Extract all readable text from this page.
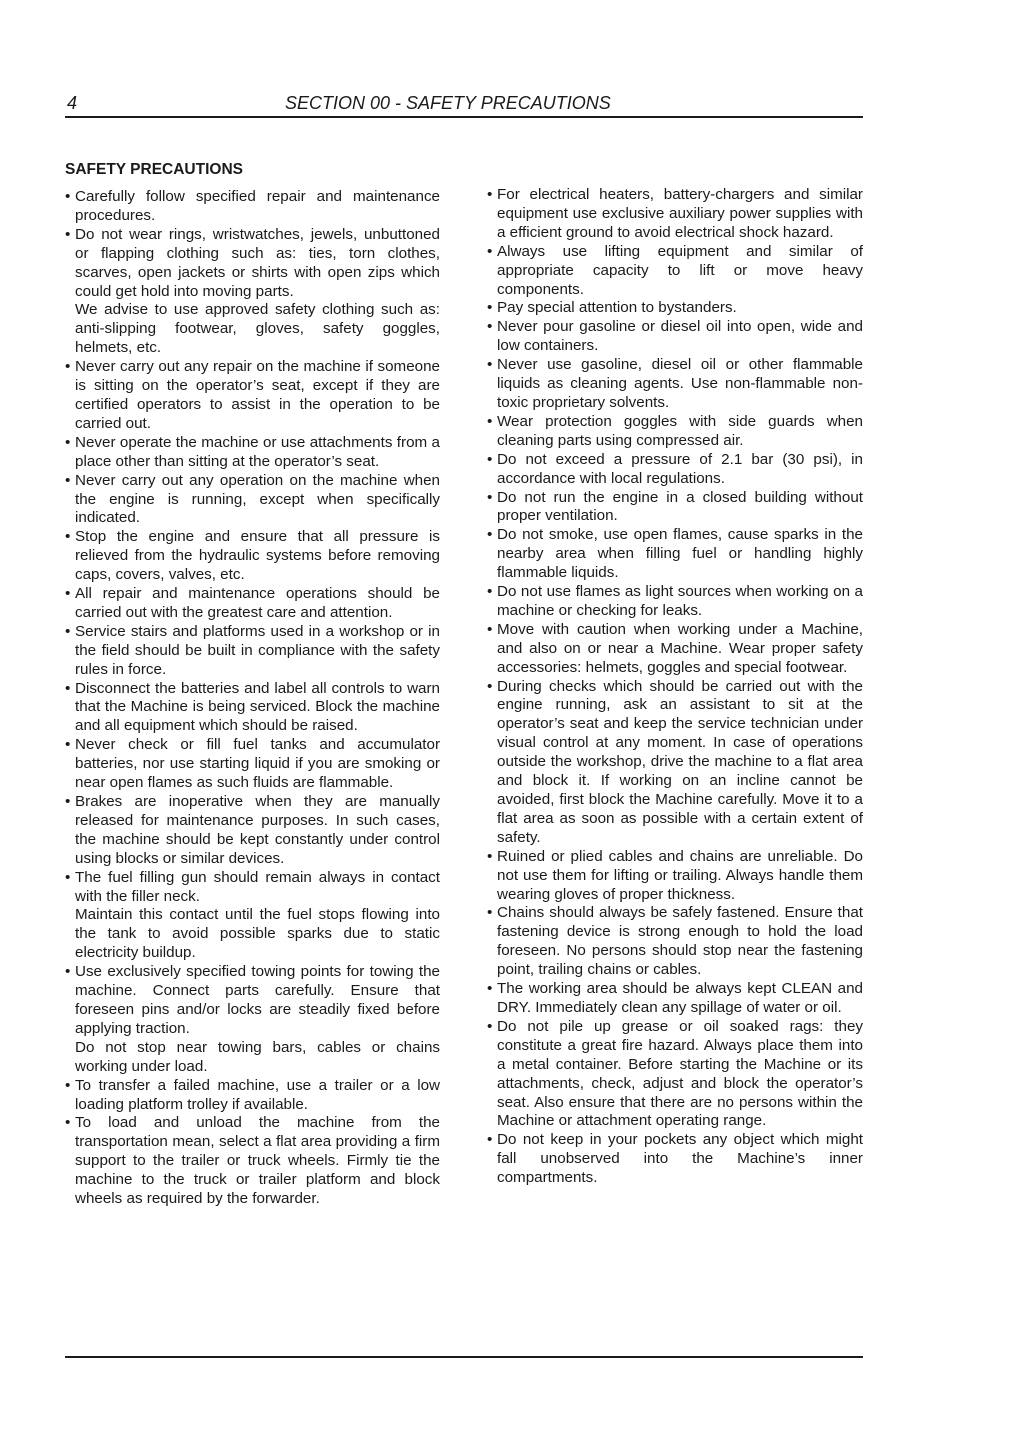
4	SECTION 00 - SAFETY PRECAUTIONS
SAFETY PRECAUTIONS
• Carefully follow specified repair and maintenance procedures.
• Do not wear rings, wristwatches, jewels, unbuttoned or flapping clothing such as: ties, torn clothes, scarves, open jackets or shirts with open zips which could get hold into moving parts.
We advise to use approved safety clothing such as: anti-slipping footwear, gloves, safety goggles, helmets, etc.
• Never carry out any repair on the machine if someone is sitting on the operator’s seat, except if they are certified operators to assist in the operation to be carried out.
• Never operate the machine or use attachments from a place other than sitting at the operator’s seat.
• Never carry out any operation on the machine when the engine is running, except when specifically indicated.
• Stop the engine and ensure that all pressure is relieved from the hydraulic systems before removing caps, covers, valves, etc.
• All repair and maintenance operations should be carried out with the greatest care and attention.
• Service stairs and platforms used in a workshop or in the field should be built in compliance with the safety rules in force.
• Disconnect the batteries and label all controls to warn that the Machine is being serviced. Block the machine and all equipment which should be raised.
• Never check or fill fuel tanks and accumulator batteries, nor use starting liquid if you are smoking or near open flames as such fluids are flammable.
• Brakes are inoperative when they are manually released for maintenance purposes. In such cases, the machine should be kept constantly under control using blocks or similar devices.
• The fuel filling gun should remain always in contact with the filler neck.
Maintain this contact until the fuel stops flowing into the tank to avoid possible sparks due to static electricity buildup.
• Use exclusively specified towing points for towing the machine. Connect parts carefully. Ensure that foreseen pins and/or locks are steadily fixed before applying traction.
Do not stop near towing bars, cables or chains working under load.
• To transfer a failed machine, use a trailer or a low loading platform trolley if available.
• To load and unload the machine from the transportation mean, select a flat area providing a firm support to the trailer or truck wheels. Firmly tie the machine to the truck or trailer platform and block wheels as required by the forwarder.
• For electrical heaters, battery-chargers and similar equipment use exclusive auxiliary power supplies with a efficient ground to avoid electrical shock hazard.
• Always use lifting equipment and similar of appropriate capacity to lift or move heavy components.
• Pay special attention to bystanders.
• Never pour gasoline or diesel oil into open, wide and low containers.
• Never use gasoline, diesel oil or other flammable liquids as cleaning agents. Use non-flammable non-toxic proprietary solvents.
• Wear protection goggles with side guards when cleaning parts using compressed air.
• Do not exceed a pressure of 2.1 bar (30 psi), in accordance with local regulations.
• Do not run the engine in a closed building without proper ventilation.
• Do not smoke, use open flames, cause sparks in the nearby area when filling fuel or handling highly flammable liquids.
• Do not use flames as light sources when working on a machine or checking for leaks.
• Move with caution when working under a Machine, and also on or near a Machine. Wear proper safety accessories: helmets, goggles and special footwear.
• During checks which should be carried out with the engine running, ask an assistant to sit at the operator’s seat and keep the service technician under visual control at any moment. In case of operations outside the workshop, drive the machine to a flat area and block it. If working on an incline cannot be avoided, first block the Machine carefully. Move it to a flat area as soon as possible with a certain extent of safety.
• Ruined or plied cables and chains are unreliable. Do not use them for lifting or trailing. Always handle them wearing gloves of proper thickness.
• Chains should always be safely fastened. Ensure that fastening device is strong enough to hold the load foreseen. No persons should stop near the fastening point, trailing chains or cables.
• The working area should be always kept CLEAN and DRY. Immediately clean any spillage of water or oil.
• Do not pile up grease or oil soaked rags: they constitute a great fire hazard. Always place them into a metal container. Before starting the Machine or its attachments, check, adjust and block the operator’s seat. Also ensure that there are no persons within the Machine or attachment operating range.
• Do not keep in your pockets any object which might fall unobserved into the Machine’s inner compartments.
